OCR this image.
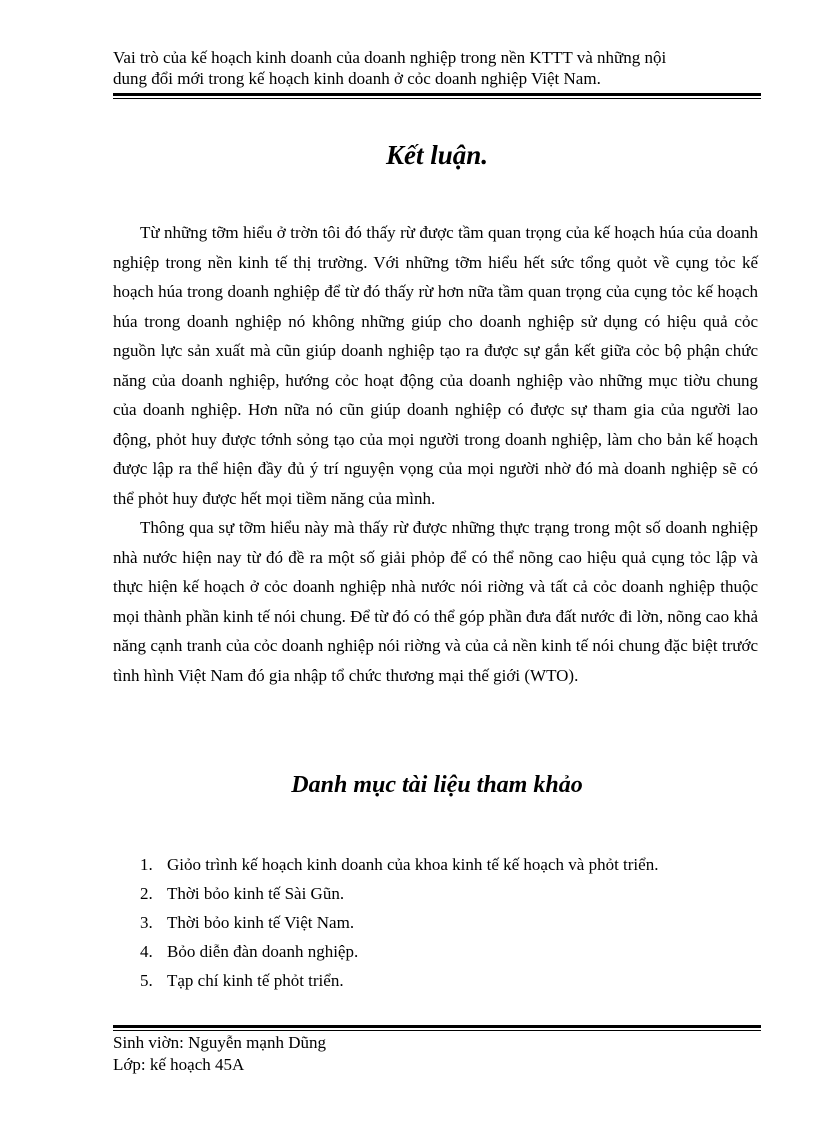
Vai trò của kế hoạch kinh doanh của doanh nghiệp trong nền KTTT và những nội
dung đổi mới trong kế hoạch kinh doanh ở cỏc doanh nghiệp Việt Nam.
Kết luận.

Từ những tỡm hiểu ở trờn tôi đó thấy rừ được tầm quan trọng của kế hoạch húa của doanh nghiệp trong nền kinh tế thị trường. Với những tỡm hiểu hết sức tổng quỏt về cụng tỏc kế hoạch húa trong doanh nghiệp để từ đó thấy rừ hơn nữa tầm quan trọng của cụng tỏc kế hoạch húa trong doanh nghiệp nó không những giúp cho doanh nghiệp sử dụng có hiệu quả cỏc nguồn lực sản xuất mà cũn giúp doanh nghiệp tạo ra được sự gắn kết giữa cỏc bộ phận chức năng của doanh nghiệp, hướng cỏc hoạt động của doanh nghiệp vào những mục tiờu chung của doanh nghiệp. Hơn nữa nó cũn giúp doanh nghiệp có được sự tham gia của người lao động, phỏt huy được tớnh sỏng tạo của mọi người trong doanh nghiệp, làm cho bản kế hoạch được lập ra thể hiện đầy đủ ý trí nguyện vọng của mọi người nhờ đó mà doanh nghiệp sẽ có thể phỏt huy được hết mọi tiềm năng của mình.

Thông qua sự tỡm hiểu này mà thấy rừ được những thực trạng trong một số doanh nghiệp nhà nước hiện nay từ đó đề ra một số giải phỏp để có thể nõng cao hiệu quả cụng tỏc lập và thực hiện kế hoạch ở cỏc doanh nghiệp nhà nước nói riờng và tất cả cỏc doanh nghiệp thuộc mọi thành phần kinh tế nói chung. Để từ đó có thể góp phần đưa đất nước đi lờn, nõng cao khả năng cạnh tranh của cỏc doanh nghiệp nói riờng và của cả nền kinh tế nói chung đặc biệt trước tình hình Việt Nam đó gia nhập tổ chức thương mại thế giới (WTO).

Danh mục tài liệu tham khảo
1. Giỏo trình kế hoạch kinh doanh của khoa kinh tế kế hoạch và phỏt triển.
2. Thời bỏo kinh tế Sài Gũn.
3. Thời bỏo kinh tế Việt Nam.
4. Bỏo diễn đàn doanh nghiệp.
5. Tạp chí kinh tế phỏt triển.
Sinh viờn: Nguyễn mạnh Dũng
Lớp: kế hoạch 45A
